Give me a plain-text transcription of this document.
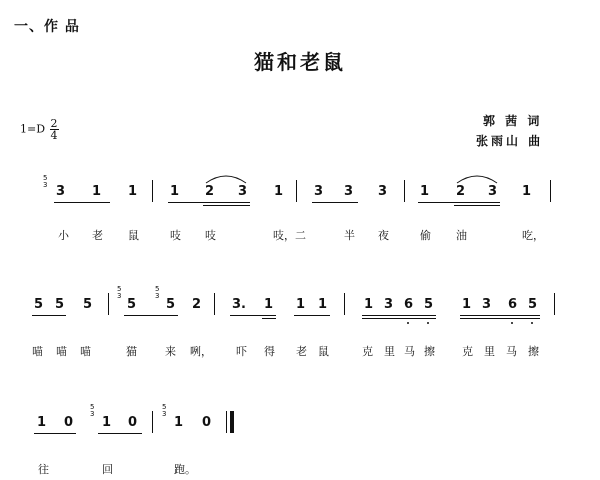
一、作 品
猫和老鼠
$1=D \frac{2}{4}$	郭 茜 词
张雨山 曲
5
3 3 1 1	1 2 3 1 3 3 3	1 2 3 1
小 老 鼠	吱 吱	吱，二	半 夜	偷 油	吃，
5 5 5
5
3
5
5
3
5 2 3. 1 1 1	1 3 6 5 1 3 6 5
喵 喵 喵	猫	来 咧， 吓 得 老 鼠	克 里 马 擦 克 里 马 擦
1 0
5
3
1 0
5
3
1 0
往	回	跑。
